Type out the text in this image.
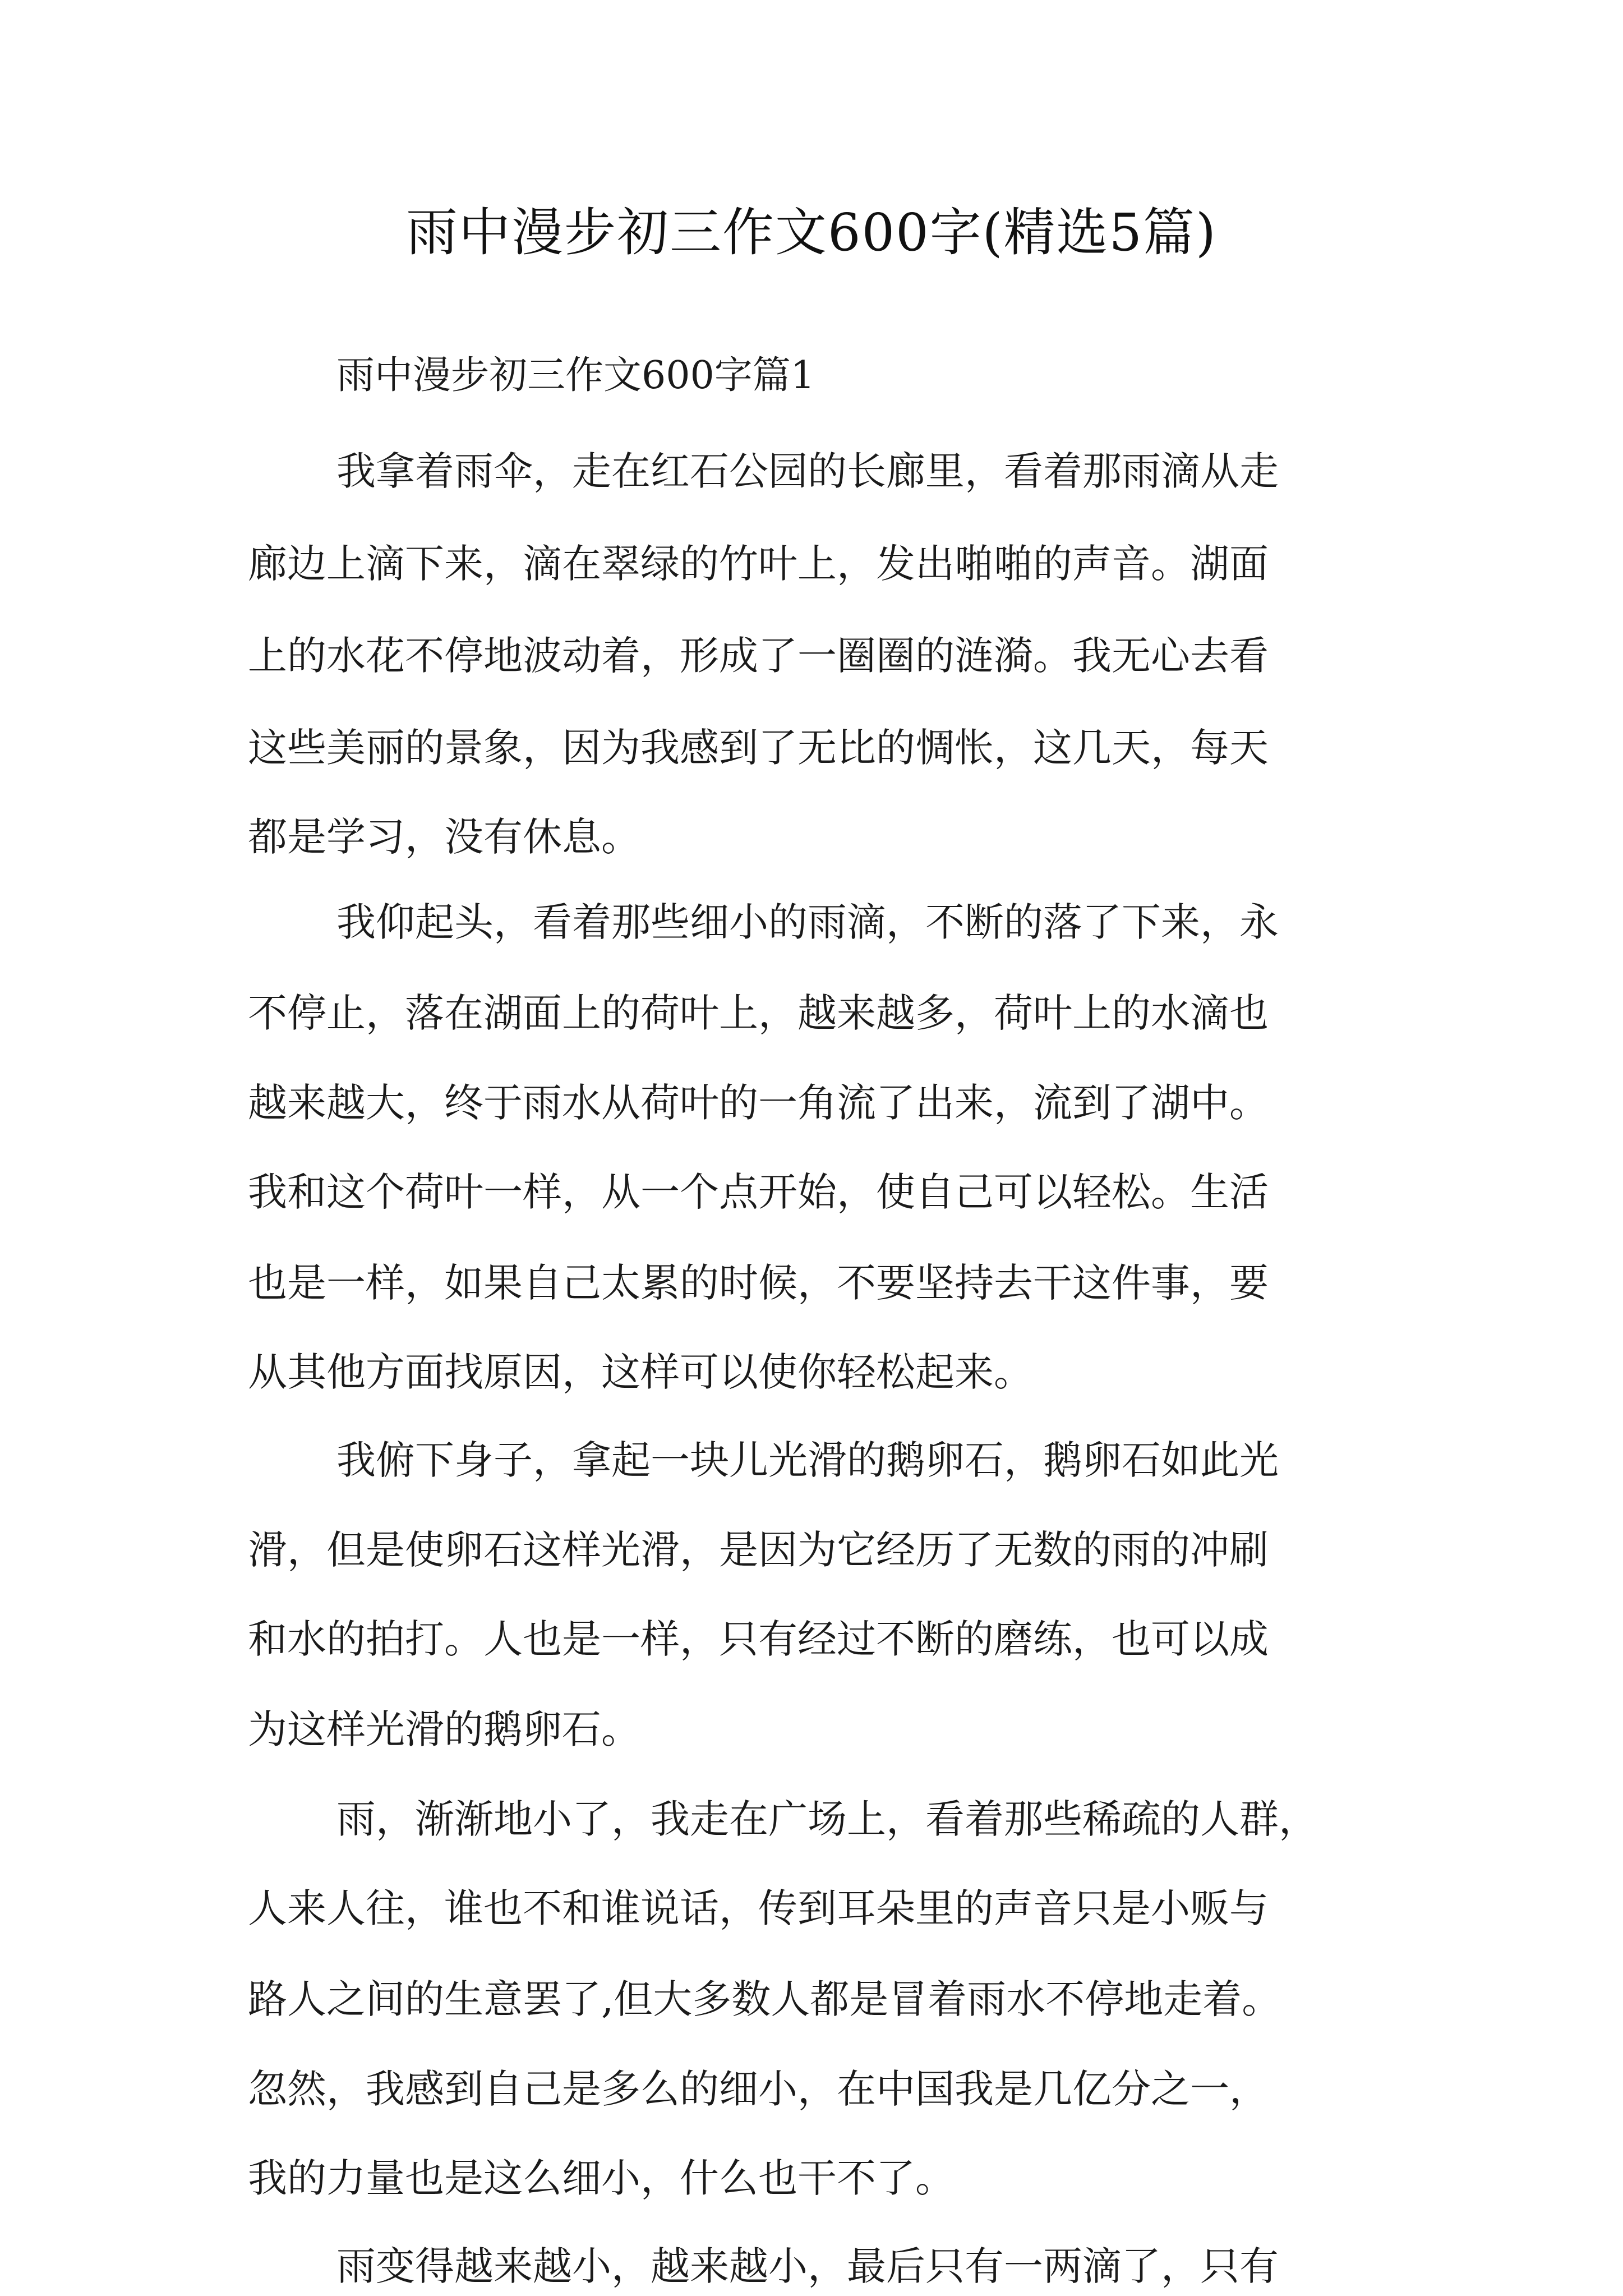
雨中漫步初三作文600字(精选5篇)
雨中漫步初三作文600字篇1
我拿着雨伞，走在红石公园的长廊里，看着那雨滴从走
廊边上滴下来，滴在翠绿的竹叶上，发出啪啪的声音。湖面
上的水花不停地波动着，形成了一圈圈的涟漪。我无心去看
这些美丽的景象，因为我感到了无比的惆怅，这几天，每天
都是学习，没有休息。
我仰起头，看着那些细小的雨滴，不断的落了下来，永
不停止，落在湖面上的荷叶上，越来越多，荷叶上的水滴也
越来越大，终于雨水从荷叶的一角流了出来，流到了湖中。
我和这个荷叶一样，从一个点开始，使自己可以轻松。生活
也是一样，如果自己太累的时候，不要坚持去干这件事，要
从其他方面找原因，这样可以使你轻松起来。
我俯下身子，拿起一块儿光滑的鹅卵石，鹅卵石如此光
滑，但是使卵石这样光滑，是因为它经历了无数的雨的冲刷
和水的拍打。人也是一样，只有经过不断的磨练，也可以成
为这样光滑的鹅卵石。
雨，渐渐地小了，我走在广场上，看着那些稀疏的人群，
人来人往，谁也不和谁说话，传到耳朵里的声音只是小贩与
路人之间的生意罢了,但大多数人都是冒着雨水不停地走着。
忽然，我感到自己是多么的细小，在中国我是几亿分之一，
我的力量也是这么细小，什么也干不了。
雨变得越来越小，越来越小，最后只有一两滴了，只有
